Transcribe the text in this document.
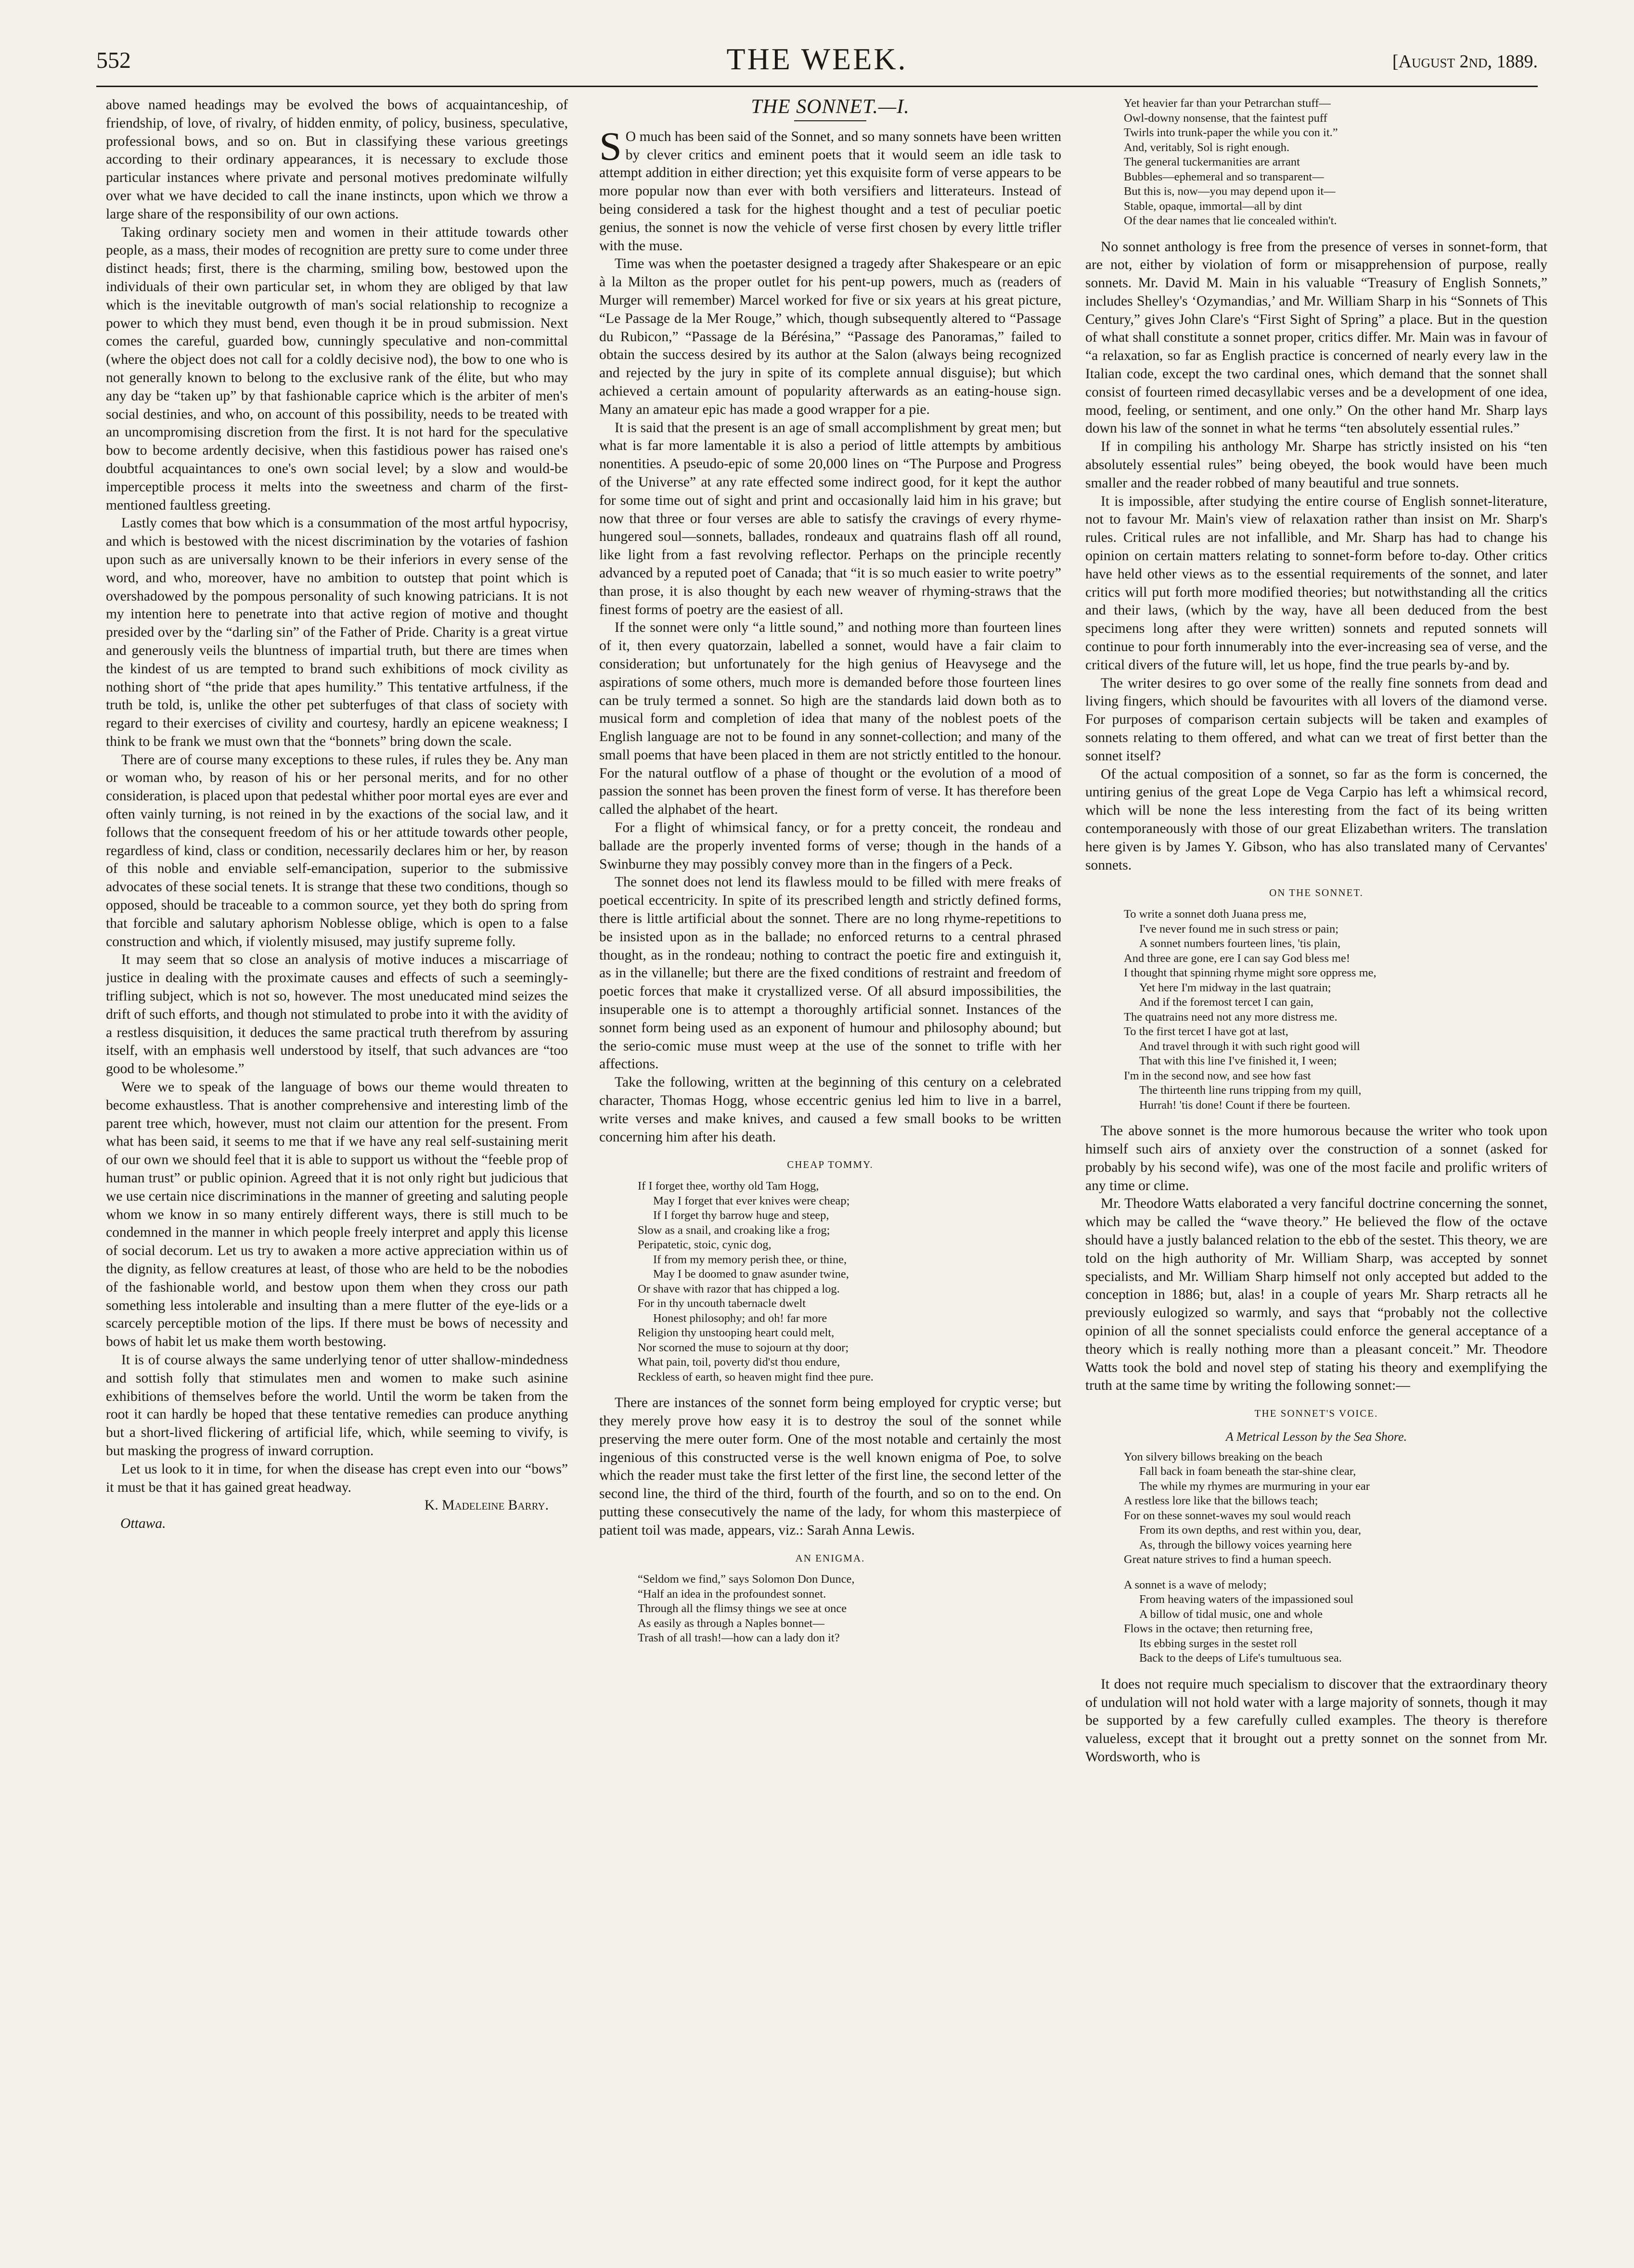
552	THE WEEK.	[August 2nd, 1889.

above named headings may be evolved the bows of acquaintanceship, of friendship, of love, of rivalry, of hidden enmity, of policy, business, speculative, professional bows, and so on. But in classifying these various greetings according to their ordinary appearances, it is necessary to exclude those particular instances where private and personal motives predominate wilfully over what we have decided to call the inane instincts, upon which we throw a large share of the responsibility of our own actions.

Taking ordinary society men and women in their attitude towards other people, as a mass, their modes of recognition are pretty sure to come under three distinct heads; first, there is the charming, smiling bow, bestowed upon the individuals of their own particular set, in whom they are obliged by that law which is the inevitable outgrowth of man's social relationship to recognize a power to which they must bend, even though it be in proud submission. Next comes the careful, guarded bow, cunningly speculative and non-committal (where the object does not call for a coldly decisive nod), the bow to one who is not generally known to belong to the exclusive rank of the élite, but who may any day be “taken up” by that fashionable caprice which is the arbiter of men's social destinies, and who, on account of this possibility, needs to be treated with an uncompromising discretion from the first. It is not hard for the speculative bow to become ardently decisive, when this fastidious power has raised one's doubtful acquaintances to one's own social level; by a slow and would-be imperceptible process it melts into the sweetness and charm of the first-mentioned faultless greeting.

Lastly comes that bow which is a consummation of the most artful hypocrisy, and which is bestowed with the nicest discrimination by the votaries of fashion upon such as are universally known to be their inferiors in every sense of the word, and who, moreover, have no ambition to outstep that point which is overshadowed by the pompous personality of such knowing patricians. It is not my intention here to penetrate into that active region of motive and thought presided over by the “darling sin” of the Father of Pride. Charity is a great virtue and generously veils the bluntness of impartial truth, but there are times when the kindest of us are tempted to brand such exhibitions of mock civility as nothing short of “the pride that apes humility.” This tentative artfulness, if the truth be told, is, unlike the other pet subterfuges of that class of society with regard to their exercises of civility and courtesy, hardly an epicene weakness; I think to be frank we must own that the “bonnets” bring down the scale.

There are of course many exceptions to these rules, if rules they be. Any man or woman who, by reason of his or her personal merits, and for no other consideration, is placed upon that pedestal whither poor mortal eyes are ever and often vainly turning, is not reined in by the exactions of the social law, and it follows that the consequent freedom of his or her attitude towards other people, regardless of kind, class or condition, necessarily declares him or her, by reason of this noble and enviable self-emancipation, superior to the submissive advocates of these social tenets. It is strange that these two conditions, though so opposed, should be traceable to a common source, yet they both do spring from that forcible and salutary aphorism Noblesse oblige, which is open to a false construction and which, if violently misused, may justify supreme folly.

It may seem that so close an analysis of motive induces a miscarriage of justice in dealing with the proximate causes and effects of such a seemingly-trifling subject, which is not so, however. The most uneducated mind seizes the drift of such efforts, and though not stimulated to probe into it with the avidity of a restless disquisition, it deduces the same practical truth therefrom by assuring itself, with an emphasis well understood by itself, that such advances are “too good to be wholesome.”

Were we to speak of the language of bows our theme would threaten to become exhaustless. That is another comprehensive and interesting limb of the parent tree which, however, must not claim our attention for the present. From what has been said, it seems to me that if we have any real self-sustaining merit of our own we should feel that it is able to support us without the “feeble prop of human trust” or public opinion. Agreed that it is not only right but judicious that we use certain nice discriminations in the manner of greeting and saluting people whom we know in so many entirely different ways, there is still much to be condemned in the manner in which people freely interpret and apply this license of social decorum. Let us try to awaken a more active appreciation within us of the dignity, as fellow creatures at least, of those who are held to be the nobodies of the fashionable world, and bestow upon them when they cross our path something less intolerable and insulting than a mere flutter of the eye-lids or a scarcely perceptible motion of the lips. If there must be bows of necessity and bows of habit let us make them worth bestowing.

It is of course always the same underlying tenor of utter shallow-mindedness and sottish folly that stimulates men and women to make such asinine exhibitions of themselves before the world. Until the worm be taken from the root it can hardly be hoped that these tentative remedies can produce anything but a short-lived flickering of artificial life, which, while seeming to vivify, is but masking the progress of inward corruption.

Let us look to it in time, for when the disease has crept even into our “bows” it must be that it has gained great headway.

K. Madeleine Barry.
Ottawa.
THE SONNET.—I.

S O much has been said of the Sonnet, and so many sonnets have been written by clever critics and eminent poets that it would seem an idle task to attempt addition in either direction; yet this exquisite form of verse appears to be more popular now than ever with both versifiers and litterateurs. Instead of being considered a task for the highest thought and a test of peculiar poetic genius, the sonnet is now the vehicle of verse first chosen by every little trifler with the muse.

Time was when the poetaster designed a tragedy after Shakespeare or an epic à la Milton as the proper outlet for his pent-up powers, much as (readers of Murger will remember) Marcel worked for five or six years at his great picture, “Le Passage de la Mer Rouge,” which, though subsequently altered to “Passage du Rubicon,” “Passage de la Bérésina,” “Passage des Panoramas,” failed to obtain the success desired by its author at the Salon (always being recognized and rejected by the jury in spite of its complete annual disguise); but which achieved a certain amount of popularity afterwards as an eating-house sign. Many an amateur epic has made a good wrapper for a pie.

It is said that the present is an age of small accomplishment by great men; but what is far more lamentable it is also a period of little attempts by ambitious nonentities. A pseudo-epic of some 20,000 lines on “The Purpose and Progress of the Universe” at any rate effected some indirect good, for it kept the author for some time out of sight and print and occasionally laid him in his grave; but now that three or four verses are able to satisfy the cravings of every rhyme-hungered soul—sonnets, ballades, rondeaux and quatrains flash off all round, like light from a fast revolving reflector. Perhaps on the principle recently advanced by a reputed poet of Canada; that “it is so much easier to write poetry” than prose, it is also thought by each new weaver of rhyming-straws that the finest forms of poetry are the easiest of all.

If the sonnet were only “a little sound,” and nothing more than fourteen lines of it, then every quatorzain, labelled a sonnet, would have a fair claim to consideration; but unfortunately for the high genius of Heavysege and the aspirations of some others, much more is demanded before those fourteen lines can be truly termed a sonnet. So high are the standards laid down both as to musical form and completion of idea that many of the noblest poets of the English language are not to be found in any sonnet-collection; and many of the small poems that have been placed in them are not strictly entitled to the honour. For the natural outflow of a phase of thought or the evolution of a mood of passion the sonnet has been proven the finest form of verse. It has therefore been called the alphabet of the heart.

For a flight of whimsical fancy, or for a pretty conceit, the rondeau and ballade are the properly invented forms of verse; though in the hands of a Swinburne they may possibly convey more than in the fingers of a Peck.

The sonnet does not lend its flawless mould to be filled with mere freaks of poetical eccentricity. In spite of its prescribed length and strictly defined forms, there is little artificial about the sonnet. There are no long rhyme-repetitions to be insisted upon as in the ballade; no enforced returns to a central phrased thought, as in the rondeau; nothing to contract the poetic fire and extinguish it, as in the villanelle; but there are the fixed conditions of restraint and freedom of poetic forces that make it crystallized verse. Of all absurd impossibilities, the insuperable one is to attempt a thoroughly artificial sonnet. Instances of the sonnet form being used as an exponent of humour and philosophy abound; but the serio-comic muse must weep at the use of the sonnet to trifle with her affections.

Take the following, written at the beginning of this century on a celebrated character, Thomas Hogg, whose eccentric genius led him to live in a barrel, write verses and make knives, and caused a few small books to be written concerning him after his death.

CHEAP TOMMY.
If I forget thee, worthy old Tam Hogg,
May I forget that ever knives were cheap;
If I forget thy barrow huge and steep,
Slow as a snail, and croaking like a frog;
Peripatetic, stoic, cynic dog,
If from my memory perish thee, or thine,
May I be doomed to gnaw asunder twine,
Or shave with razor that has chipped a log.
For in thy uncouth tabernacle dwelt
Honest philosophy; and oh! far more
Religion thy unstooping heart could melt,
Nor scorned the muse to sojourn at thy door;
What pain, toil, poverty did'st thou endure,
Reckless of earth, so heaven might find thee pure.

There are instances of the sonnet form being employed for cryptic verse; but they merely prove how easy it is to destroy the soul of the sonnet while preserving the mere outer form. One of the most notable and certainly the most ingenious of this constructed verse is the well known enigma of Poe, to solve which the reader must take the first letter of the first line, the second letter of the second line, the third of the third, fourth of the fourth, and so on to the end. On putting these consecutively the name of the lady, for whom this masterpiece of patient toil was made, appears, viz.: Sarah Anna Lewis.

AN ENIGMA.
“Seldom we find,” says Solomon Don Dunce,
“Half an idea in the profoundest sonnet.
Through all the flimsy things we see at once
As easily as through a Naples bonnet—
Trash of all trash!—how can a lady don it?
Yet heavier far than your Petrarchan stuff—
Owl-downy nonsense, that the faintest puff
Twirls into trunk-paper the while you con it.”
And, veritably, Sol is right enough.
The general tuckermanities are arrant
Bubbles—ephemeral and so transparent—
But this is, now—you may depend upon it—
Stable, opaque, immortal—all by dint
Of the dear names that lie concealed within't.

No sonnet anthology is free from the presence of verses in sonnet-form, that are not, either by violation of form or misapprehension of purpose, really sonnets. Mr. David M. Main in his valuable “Treasury of English Sonnets,” includes Shelley's ‘Ozymandias,’ and Mr. William Sharp in his “Sonnets of This Century,” gives John Clare's “First Sight of Spring” a place. But in the question of what shall constitute a sonnet proper, critics differ. Mr. Main was in favour of “a relaxation, so far as English practice is concerned of nearly every law in the Italian code, except the two cardinal ones, which demand that the sonnet shall consist of fourteen rimed decasyllabic verses and be a development of one idea, mood, feeling, or sentiment, and one only.” On the other hand Mr. Sharp lays down his law of the sonnet in what he terms “ten absolutely essential rules.”

If in compiling his anthology Mr. Sharpe has strictly insisted on his “ten absolutely essential rules” being obeyed, the book would have been much smaller and the reader robbed of many beautiful and true sonnets.

It is impossible, after studying the entire course of English sonnet-literature, not to favour Mr. Main's view of relaxation rather than insist on Mr. Sharp's rules. Critical rules are not infallible, and Mr. Sharp has had to change his opinion on certain matters relating to sonnet-form before to-day. Other critics have held other views as to the essential requirements of the sonnet, and later critics will put forth more modified theories; but notwithstanding all the critics and their laws, (which by the way, have all been deduced from the best specimens long after they were written) sonnets and reputed sonnets will continue to pour forth innumerably into the ever-increasing sea of verse, and the critical divers of the future will, let us hope, find the true pearls by-and by.

The writer desires to go over some of the really fine sonnets from dead and living fingers, which should be favourites with all lovers of the diamond verse. For purposes of comparison certain subjects will be taken and examples of sonnets relating to them offered, and what can we treat of first better than the sonnet itself?

Of the actual composition of a sonnet, so far as the form is concerned, the untiring genius of the great Lope de Vega Carpio has left a whimsical record, which will be none the less interesting from the fact of its being written contemporaneously with those of our great Elizabethan writers. The translation here given is by James Y. Gibson, who has also translated many of Cervantes' sonnets.

ON THE SONNET.
To write a sonnet doth Juana press me,
I've never found me in such stress or pain;
A sonnet numbers fourteen lines, 'tis plain,
And three are gone, ere I can say God bless me!
I thought that spinning rhyme might sore oppress me,
Yet here I'm midway in the last quatrain;
And if the foremost tercet I can gain,
The quatrains need not any more distress me.
To the first tercet I have got at last,
And travel through it with such right good will
That with this line I've finished it, I ween;
I'm in the second now, and see how fast
The thirteenth line runs tripping from my quill,
Hurrah! 'tis done! Count if there be fourteen.

The above sonnet is the more humorous because the writer who took upon himself such airs of anxiety over the construction of a sonnet (asked for probably by his second wife), was one of the most facile and prolific writers of any time or clime.

Mr. Theodore Watts elaborated a very fanciful doctrine concerning the sonnet, which may be called the “wave theory.” He believed the flow of the octave should have a justly balanced relation to the ebb of the sestet. This theory, we are told on the high authority of Mr. William Sharp, was accepted by sonnet specialists, and Mr. William Sharp himself not only accepted but added to the conception in 1886; but, alas! in a couple of years Mr. Sharp retracts all he previously eulogized so warmly, and says that “probably not the collective opinion of all the sonnet specialists could enforce the general acceptance of a theory which is really nothing more than a pleasant conceit.” Mr. Theodore Watts took the bold and novel step of stating his theory and exemplifying the truth at the same time by writing the following sonnet:—

THE SONNET'S VOICE.
A Metrical Lesson by the Sea Shore.
Yon silvery billows breaking on the beach
Fall back in foam beneath the star-shine clear,
The while my rhymes are murmuring in your ear
A restless lore like that the billows teach;
For on these sonnet-waves my soul would reach
From its own depths, and rest within you, dear,
As, through the billowy voices yearning here
Great nature strives to find a human speech.
A sonnet is a wave of melody;
From heaving waters of the impassioned soul
A billow of tidal music, one and whole
Flows in the octave; then returning free,
Its ebbing surges in the sestet roll
Back to the deeps of Life's tumultuous sea.

It does not require much specialism to discover that the extraordinary theory of undulation will not hold water with a large majority of sonnets, though it may be supported by a few carefully culled examples. The theory is therefore valueless, except that it brought out a pretty sonnet on the sonnet from Mr. Wordsworth, who is
